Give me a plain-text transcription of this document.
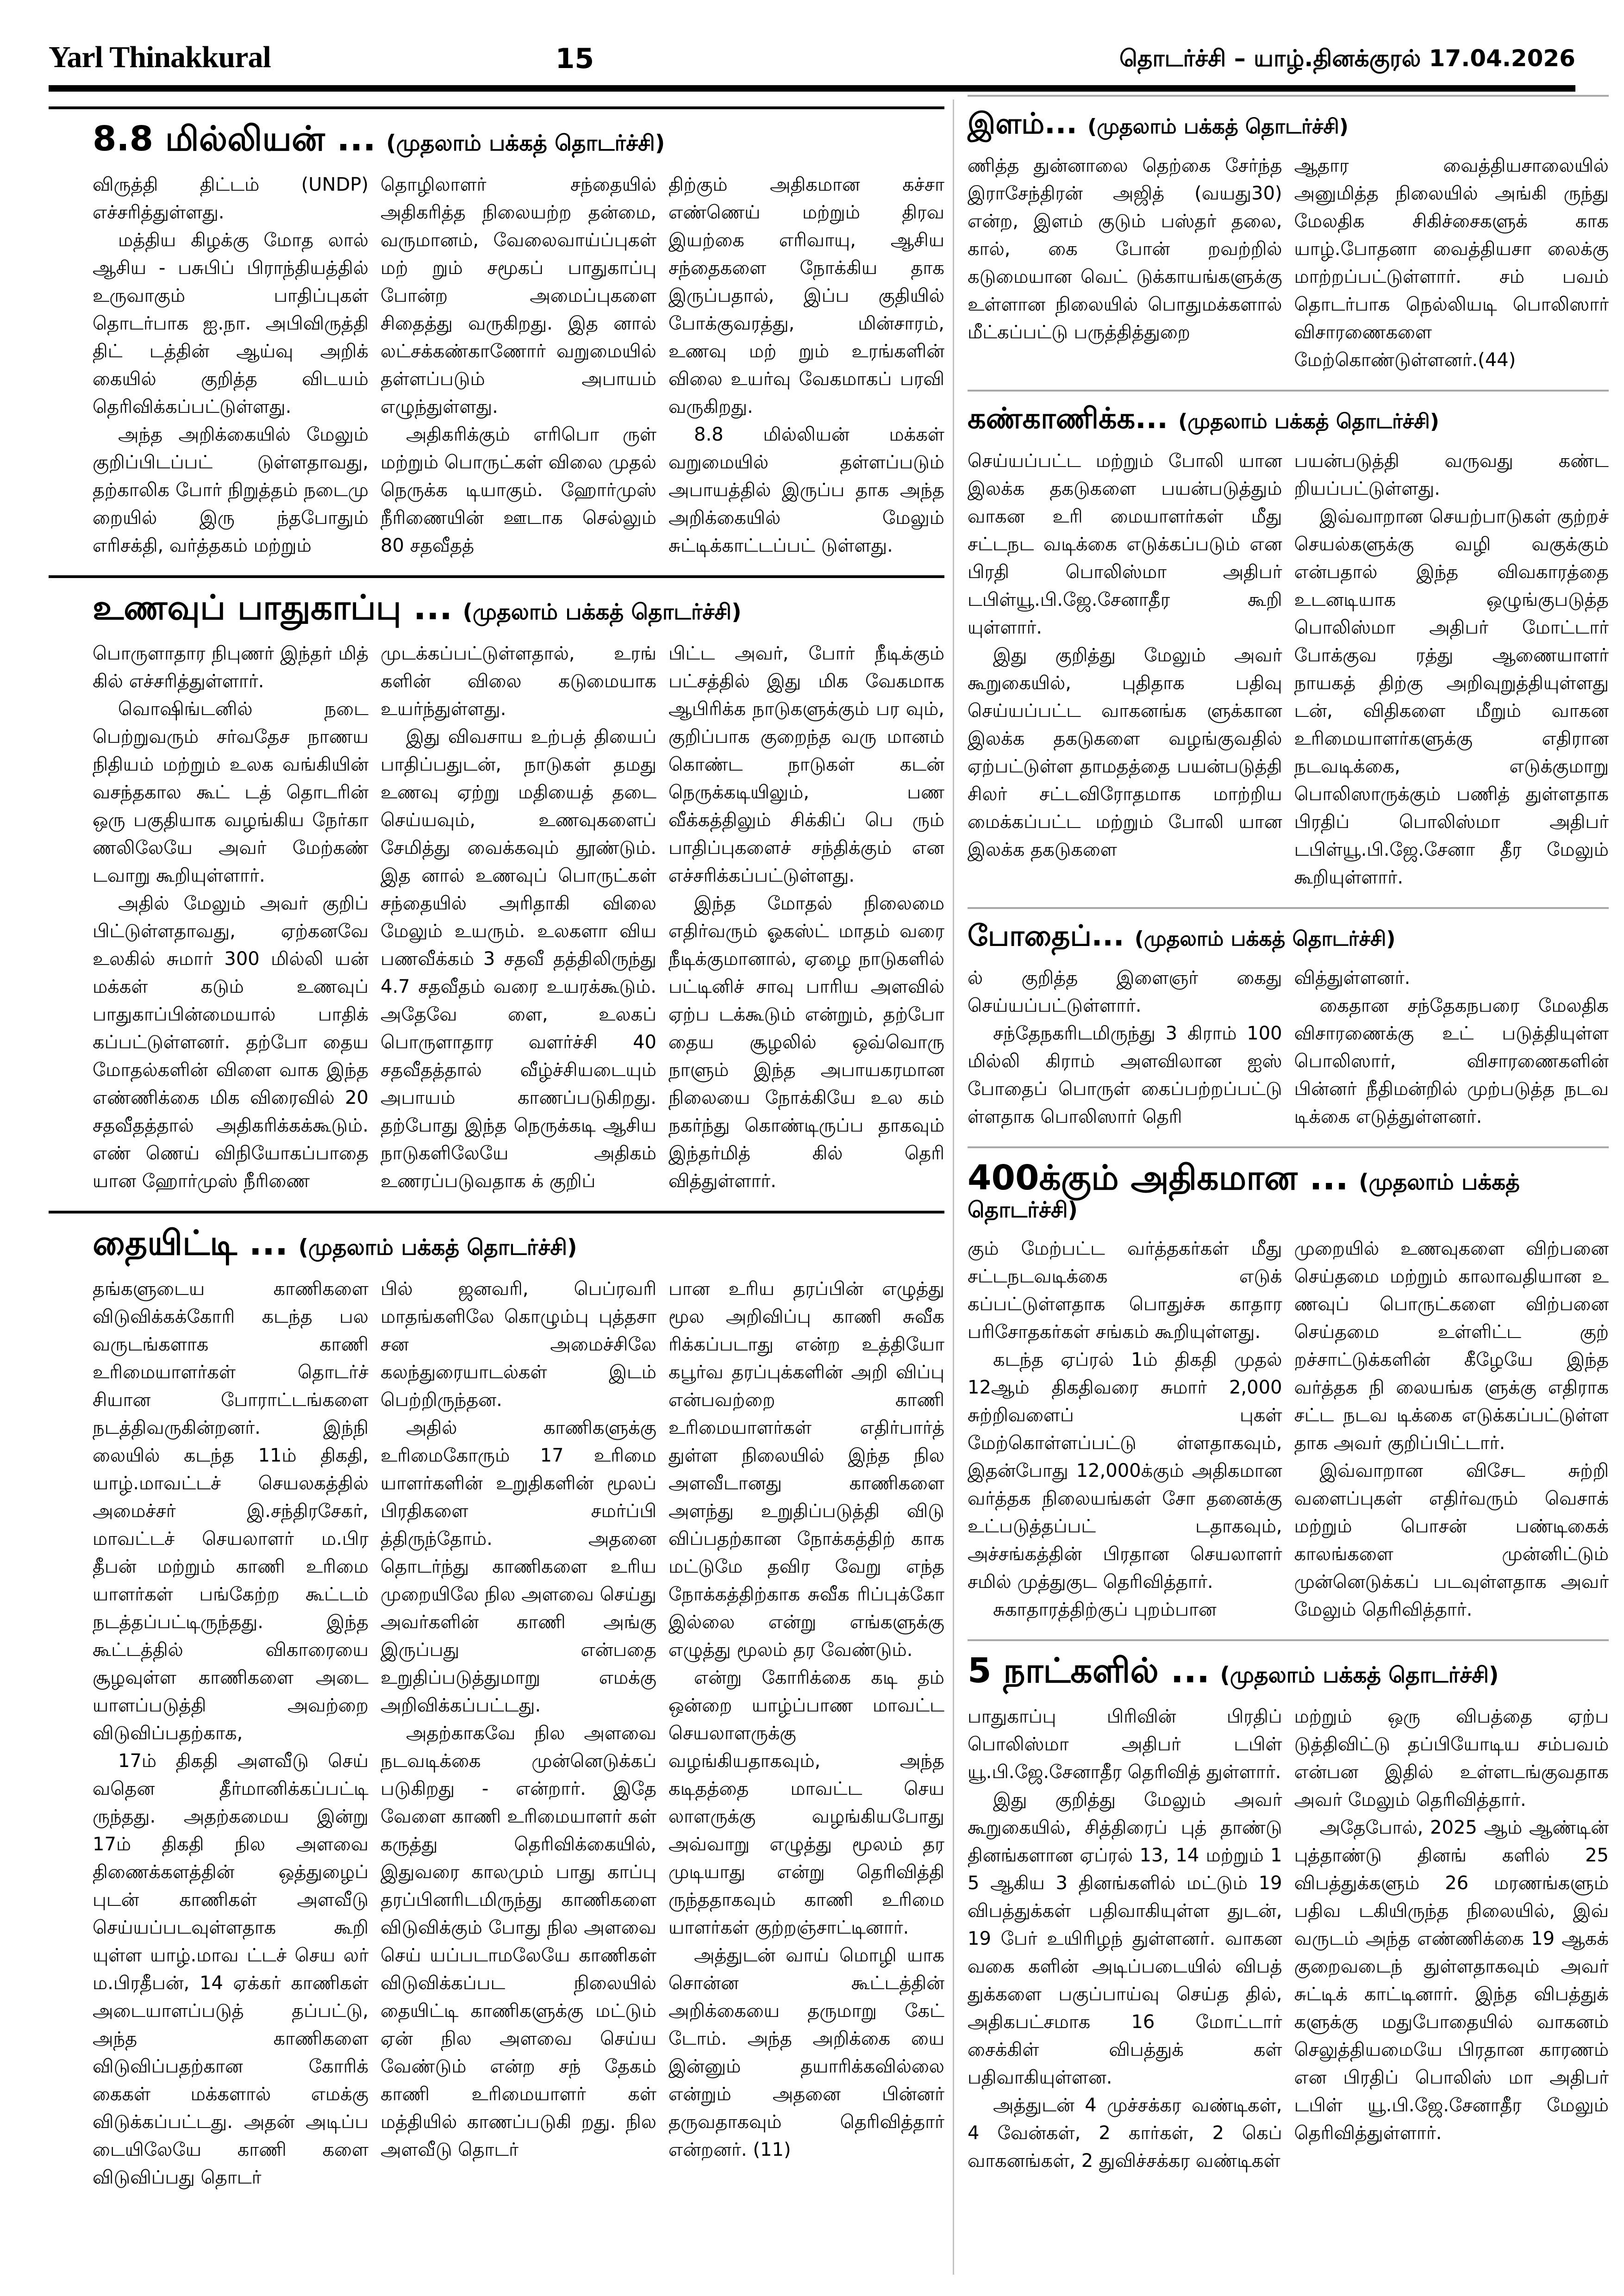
Yarl Thinakkural	15	தொடர்ச்சி – யாழ்.தினக்குரல் 17.04.2026
8.8 மில்லியன் ... (முதலாம் பக்கத் தொடர்ச்சி)

விருத்தி திட்டம் (UNDP) எச்சரித்துள்ளது.

மத்திய கிழக்கு மோத லால் ஆசிய - பசுபிப் பிராந்தியத்தில் உருவாகும் பாதிப்புகள் தொடர்பாக ஐ.நா. அபிவிருத்தி திட் டத்தின் ஆய்வு அறிக் கையில் குறித்த விடயம் தெரிவிக்கப்பட்டுள்ளது.

அந்த அறிக்கையில் மேலும் குறிப்பிடப்பட் டுள்ளதாவது, தற்காலிக போர் நிறுத்தம் நடைமு றையில் இரு ந்தபோதும் எரிசக்தி, வர்த்தகம் மற்றும்

தொழிலாளர் சந்தையில் அதிகரித்த நிலையற்ற தன்மை, வருமானம், வேலைவாய்ப்புகள் மற் றும் சமூகப் பாதுகாப்பு போன்ற அமைப்புகளை சிதைத்து வருகிறது. இத னால் லட்சக்கண்காணோர் வறுமையில் தள்ளப்படும் அபாயம் எழுந்துள்ளது.

அதிகரிக்கும் எரிபொ ருள் மற்றும் பொருட்கள் விலை முதல் நெருக்க டியாகும். ஹோர்முஸ் நீரிணையின் ஊடாக செல்லும் 80 சதவீதத்

திற்கும் அதிகமான கச்சா எண்ணெய் மற்றும் திரவ இயற்கை எரிவாயு, ஆசிய சந்தைகளை நோக்கிய தாக இருப்பதால், இப்ப குதியில் போக்குவரத்து, மின்சாரம், உணவு மற் றும் உரங்களின் விலை உயர்வு வேகமாகப் பரவி வருகிறது.

8.8 மில்லியன் மக்கள் வறுமையில் தள்ளப்படும் அபாயத்தில் இருப்ப தாக அந்த அறிக்கையில் மேலும் சுட்டிக்காட்டப்பட் டுள்ளது.

உணவுப் பாதுகாப்பு ... (முதலாம் பக்கத் தொடர்ச்சி)

பொருளாதார நிபுணர் இந்தர் மித் கில் எச்சரித்துள்ளார்.

வொஷிங்டனில் நடை பெற்றுவரும் சர்வதேச நாணய நிதியம் மற்றும் உலக வங்கியின் வசந்தகால கூட் டத் தொடரின் ஒரு பகுதியாக வழங்கிய நேர்கா ணலிலேயே அவர் மேற்கண் டவாறு கூறியுள்ளார்.

அதில் மேலும் அவர் குறிப் பிட்டுள்ளதாவது, ஏற்கனவே உலகில் சுமார் 300 மில்லி யன் மக்கள் கடும் உணவுப் பாதுகாப்பின்மையால் பாதிக் கப்பட்டுள்ளனர். தற்போ தைய மோதல்களின் விளை வாக இந்த எண்ணிக்கை மிக விரைவில் 20 சதவீதத்தால் அதிகரிக்கக்கூடும். எண் ணெய் விநியோகப்பாதை யான ஹோர்முஸ் நீரிணை

முடக்கப்பட்டுள்ளதால், உரங் களின் விலை கடுமையாக உயர்ந்துள்ளது.

இது விவசாய உற்பத் தியைப் பாதிப்பதுடன், நாடுகள் தமது உணவு ஏற்று மதியைத் தடை செய்யவும், உணவுகளைப் சேமித்து வைக்கவும் தூண்டும். இத னால் உணவுப் பொருட்கள் சந்தையில் அரிதாகி விலை மேலும் உயரும். உலகளா விய பணவீக்கம் 3 சதவீ தத்திலிருந்து 4.7 சதவீதம் வரை உயரக்கூடும். அதேவே ளை, உலகப் பொருளாதார வளர்ச்சி 40 சதவீதத்தால் வீழ்ச்சியடையும் அபாயம் காணப்படுகிறது. தற்போது இந்த நெருக்கடி ஆசிய நாடுகளிலேயே அதிகம் உணரப்படுவதாக க் குறிப்

பிட்ட அவர், போர் நீடிக்கும் பட்சத்தில் இது மிக வேகமாக ஆபிரிக்க நாடுகளுக்கும் பர வும், குறிப்பாக குறைந்த வரு மானம் கொண்ட நாடுகள் கடன் நெருக்கடியிலும், பண வீக்கத்திலும் சிக்கிப் பெ ரும் பாதிப்புகளைச் சந்திக்கும் என எச்சரிக்கப்பட்டுள்ளது.

இந்த மோதல் நிலைமை எதிர்வரும் ஓகஸ்ட் மாதம் வரை நீடிக்குமானால், ஏழை நாடுகளில் பட்டினிச் சாவு பாரிய அளவில் ஏற்ப டக்கூடும் என்றும், தற்போ தைய சூழலில் ஒவ்வொரு நாளும் இந்த அபாயகரமான நிலையை நோக்கியே உல கம் நகர்ந்து கொண்டிருப்ப தாகவும் இந்தர்மித் கில் தெரி வித்துள்ளார்.

தையிட்டி ... (முதலாம் பக்கத் தொடர்ச்சி)

தங்களுடைய காணிகளை விடுவிக்கக்கோரி கடந்த பல வருடங்களாக காணி உரிமையாளர்கள் தொடர்ச் சியான போராட்டங்களை நடத்திவருகின்றனர். இந்நி லையில் கடந்த 11ம் திகதி, யாழ்.மாவட்டச் செயலகத்தில் அமைச்சர் இ.சந்திரசேகர், மாவட்டச் செயலாளர் ம.பிர தீபன் மற்றும் காணி உரிமை யாளர்கள் பங்கேற்ற கூட்டம் நடத்தப்பட்டிருந்தது. இந்த கூட்டத்தில் விகாரையை சூழவுள்ள காணிகளை அடை யாளப்படுத்தி அவற்றை விடுவிப்பதற்காக,

17ம் திகதி அளவீடு செய் வதென தீர்மானிக்கப்பட்டி ருந்தது. அதற்கமைய இன்று 17ம் திகதி நில அளவை திணைக்களத்தின் ஒத்துழைப் புடன் காணிகள் அளவீடு செய்யப்படவுள்ளதாக கூறி யுள்ள யாழ்.மாவ ட்டச் செய லர் ம.பிரதீபன், 14 ஏக்கர் காணிகள் அடையாளப்படுத் தப்பட்டு, அந்த காணிகளை விடுவிப்பதற்கான கோரிக் கைகள் மக்களால் எமக்கு விடுக்கப்பட்டது. அதன் அடிப்ப டையிலேயே காணி களை விடுவிப்பது தொடர்

பில் ஜனவரி, பெப்ரவரி மாதங்களிலே கொழும்பு புத்தசா சன அமைச்சிலே கலந்துரையாடல்கள் இடம் பெற்றிருந்தன.

அதில் காணிகளுக்கு உரிமைகோரும் 17 உரிமை யாளர்களின் உறுதிகளின் மூலப் பிரதிகளை சமர்ப்பி த்திருந்தோம். அதனை தொடர்ந்து காணிகளை உரிய முறையிலே நில அளவை செய்து அவர்களின் காணி அங்கு இருப்பது என்பதை உறுதிப்படுத்துமாறு எமக்கு அறிவிக்கப்பட்டது.

அதற்காகவே நில அளவை நடவடிக்கை முன்னெடுக்கப் படுகிறது - என்றார். இதே வேளை காணி உரிமையாளர் கள் கருத்து தெரிவிக்கையில், இதுவரை காலமும் பாது காப்பு தரப்பினரிடமிருந்து காணிகளை விடுவிக்கும் போது நில அளவை செய் யப்படாமலேயே காணிகள் விடுவிக்கப்பட நிலையில் தையிட்டி காணிகளுக்கு மட்டும் ஏன் நில அளவை செய்ய வேண்டும் என்ற சந் தேகம் காணி உரிமையாளர் கள் மத்தியில் காணப்படுகி றது. நில அளவீடு தொடர்

பான உரிய தரப்பின் எழுத்து மூல அறிவிப்பு காணி சுவீக ரிக்கப்படாது என்ற உத்தியோ கபூர்வ தரப்புக்களின் அறி விப்பு என்பவற்றை காணி உரிமையாளர்கள் எதிர்பார்த் துள்ள நிலையில் இந்த நில அளவீடானது காணிகளை அளந்து உறுதிப்படுத்தி விடு விப்பதற்கான நோக்கத்திற் காக மட்டுமே தவிர வேறு எந்த நோக்கத்திற்காக சுவீக ரிப்புக்கோ இல்லை என்று எங்களுக்கு எழுத்து மூலம் தர வேண்டும்.

என்று கோரிக்கை கடி தம் ஒன்றை யாழ்ப்பாண மாவட்ட செயலாளருக்கு வழங்கியதாகவும், அந்த கடிதத்தை மாவட்ட செய லாளருக்கு வழங்கியபோது அவ்வாறு எழுத்து மூலம் தர முடியாது என்று தெரிவித்தி ருந்ததாகவும் காணி உரிமை யாளர்கள் குற்றஞ்சாட்டினார்.

அத்துடன் வாய் மொழி யாக சொன்ன கூட்டத்தின் அறிக்கையை தருமாறு கேட் டோம். அந்த அறிக்கை யை இன்னும் தயாரிக்கவில்லை என்றும் அதனை பின்னர் தருவதாகவும் தெரிவித்தார் என்றனர். (11)

இளம்... (முதலாம் பக்கத் தொடர்ச்சி)

ணித்த துன்னாலை தெற்கை சேர்ந்த இராசேந்திரன் அஜித் (வயது30) என்ற, இளம் குடும் பஸ்தர் தலை, கால், கை போன் றவற்றில் கடுமையான வெட் டுக்காயங்களுக்கு உள்ளான நிலையில் பொதுமக்களால் மீட்கப்பட்டு பருத்தித்துறை

ஆதார வைத்தியசாலையில் அனுமித்த நிலையில் அங்கி ருந்து மேலதிக சிகிச்சைகளுக் காக யாழ்.போதனா வைத்தியசா லைக்கு மாற்றப்பட்டுள்ளார். சம் பவம் தொடர்பாக நெல்லியடி பொலிஸார் விசாரணைகளை மேற்கொண்டுள்ளனர்.(44)

கண்காணிக்க... (முதலாம் பக்கத் தொடர்ச்சி)

செய்யப்பட்ட மற்றும் போலி யான இலக்க தகடுகளை பயன்படுத்தும் வாகன உரி மையாளர்கள் மீது சட்டநட வடிக்கை எடுக்கப்படும் என பிரதி பொலிஸ்மா அதிபர் டபிள்யூ.பி.ஜே.சேனாதீர கூறி யுள்ளார்.

இது குறித்து மேலும் அவர் கூறுகையில், புதிதாக பதிவு செய்யப்பட்ட வாகனங்க ளுக்கான இலக்க தகடுகளை வழங்குவதில் ஏற்பட்டுள்ள தாமதத்தை பயன்படுத்தி சிலர் சட்டவிரோதமாக மாற்றிய மைக்கப்பட்ட மற்றும் போலி யான இலக்க தகடுகளை

பயன்படுத்தி வருவது கண்ட றியப்பட்டுள்ளது.

இவ்வாறான செயற்பாடுகள் குற்றச் செயல்களுக்கு வழி வகுக்கும் என்பதால் இந்த விவகாரத்தை உடனடியாக ஒழுங்குபடுத்த பொலிஸ்மா அதிபர் மோட்டார் போக்குவ ரத்து ஆணையாளர் நாயகத் திற்கு அறிவுறுத்தியுள்ளது டன், விதிகளை மீறும் வாகன உரிமையாளர்களுக்கு எதிரான நடவடிக்கை, எடுக்குமாறு பொலிஸாருக்கும் பணித் துள்ளதாக பிரதிப் பொலிஸ்மா அதிபர் டபிள்யூ.பி.ஜே.சேனா தீர மேலும் கூறியுள்ளார்.

போதைப்... (முதலாம் பக்கத் தொடர்ச்சி)

ல் குறித்த இளைஞர் கைது செய்யப்பட்டுள்ளார்.

சந்தேநகரிடமிருந்து 3 கிராம் 100 மில்லி கிராம் அளவிலான ஐஸ் போதைப் பொருள் கைப்பற்றப்பட்டு ள்ளதாக பொலிஸார் தெரி

வித்துள்ளனர்.

கைதான சந்தேகநபரை மேலதிக விசாரணைக்கு உட் படுத்தியுள்ள பொலிஸார், விசாரணைகளின் பின்னர் நீதிமன்றில் முற்படுத்த நடவ டிக்கை எடுத்துள்ளனர்.

400க்கும் அதிகமான ... (முதலாம் பக்கத் தொடர்ச்சி)

கும் மேற்பட்ட வர்த்தகர்கள் மீது சட்டநடவடிக்கை எடுக் கப்பட்டுள்ளதாக பொதுச்சு காதார பரிசோதகர்கள் சங்கம் கூறியுள்ளது.

கடந்த ஏப்ரல் 1ம் திகதி முதல் 12ஆம் திகதிவரை சுமார் 2,000 சுற்றிவளைப் புகள் மேற்கொள்ளப்பட்டு ள்ளதாகவும், இதன்போது 12,000க்கும் அதிகமான வர்த்தக நிலையங்கள் சோ தனைக்கு உட்படுத்தப்பட் டதாகவும், அச்சங்கத்தின் பிரதான செயலாளர் சமில் முத்துகுட தெரிவித்தார்.

சுகாதாரத்திற்குப் புறம்பான

முறையில் உணவுகளை விற்பனை செய்தமை மற்றும் காலாவதியான உ ணவுப் பொருட்களை விற்பனை செய்தமை உள்ளிட்ட குற் றச்சாட்டுக்களின் கீழேயே இந்த வர்த்தக நி லையங்க ளுக்கு எதிராக சட்ட நடவ டிக்கை எடுக்கப்பட்டுள்ள தாக அவர் குறிப்பிட்டார்.

இவ்வாறான விசேட சுற்றி வளைப்புகள் எதிர்வரும் வெசாக் மற்றும் பொசன் பண்டிகைக் காலங்களை முன்னிட்டும் முன்னெடுக்கப் படவுள்ளதாக அவர் மேலும் தெரிவித்தார்.

5 நாட்களில் ... (முதலாம் பக்கத் தொடர்ச்சி)

பாதுகாப்பு பிரிவின் பிரதிப் பொலிஸ்மா அதிபர் டபிள் யூ.பி.ஜே.சேனாதீர தெரிவித் துள்ளார்.

இது குறித்து மேலும் அவர் கூறுகையில், சித்திரைப் புத் தாண்டு தினங்களான ஏப்ரல் 13, 14 மற்றும் 1 5 ஆகிய 3 தினங்களில் மட்டும் 19 விபத்துக்கள் பதிவாகியுள்ள துடன், 19 பேர் உயிரிழந் துள்ளனர். வாகன வகை களின் அடிப்படையில் விபத் துக்களை பகுப்பாய்வு செய்த தில், அதிகபட்சமாக 16 மோட்டார் சைக்கிள் விபத்துக் கள் பதிவாகியுள்ளன.

அத்துடன் 4 முச்சக்கர வண்டிகள், 4 வேன்கள், 2 கார்கள், 2 கெப் வாகனங்கள், 2 துவிச்சக்கர வண்டிகள்

மற்றும் ஒரு விபத்தை ஏற்ப டுத்திவிட்டு தப்பியோடிய சம்பவம் என்பன இதில் உள்ளடங்குவதாக அவர் மேலும் தெரிவித்தார்.

அதேபோல், 2025 ஆம் ஆண்டின் புத்தாண்டு தினங் களில் 25 விபத்துக்களும் 26 மரணங்களும் பதிவ டகியிருந்த நிலையில், இவ் வருடம் அந்த எண்ணிக்கை 19 ஆகக் குறைவடைந் துள்ளதாகவும் அவர் சுட்டிக் காட்டினார். இந்த விபத்துக் களுக்கு மதுபோதையில் வாகனம் செலுத்தியமையே பிரதான காரணம் என பிரதிப் பொலிஸ் மா அதிபர் டபிள் யூ.பி.ஜே.சேனாதீர மேலும் தெரிவித்துள்ளார்.
